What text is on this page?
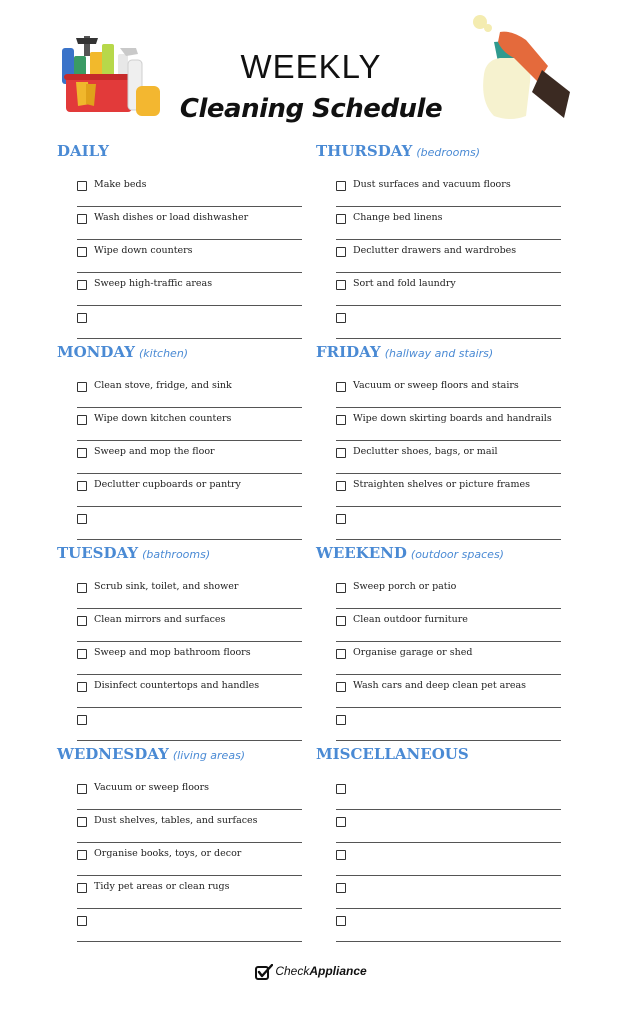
WEEKLY
Cleaning Schedule
DAILY
Make beds
Wash dishes or load dishwasher
Wipe down counters
Sweep high-traffic areas
MONDAY (kitchen)
Clean stove, fridge, and sink
Wipe down kitchen counters
Sweep and mop the floor
Declutter cupboards or pantry
TUESDAY (bathrooms)
Scrub sink, toilet, and shower
Clean mirrors and surfaces
Sweep and mop bathroom floors
Disinfect countertops and handles
WEDNESDAY (living areas)
Vacuum or sweep floors
Dust shelves, tables, and surfaces
Organise books, toys, or decor
Tidy pet areas or clean rugs
THURSDAY (bedrooms)
Dust surfaces and vacuum floors
Change bed linens
Declutter drawers and wardrobes
Sort and fold laundry
FRIDAY (hallway and stairs)
Vacuum or sweep floors and stairs
Wipe down skirting boards and handrails
Declutter shoes, bags, or mail
Straighten shelves or picture frames
WEEKEND (outdoor spaces)
Sweep porch or patio
Clean outdoor furniture
Organise garage or shed
Wash cars and deep clean pet areas
MISCELLANEOUS
CheckAppliance
